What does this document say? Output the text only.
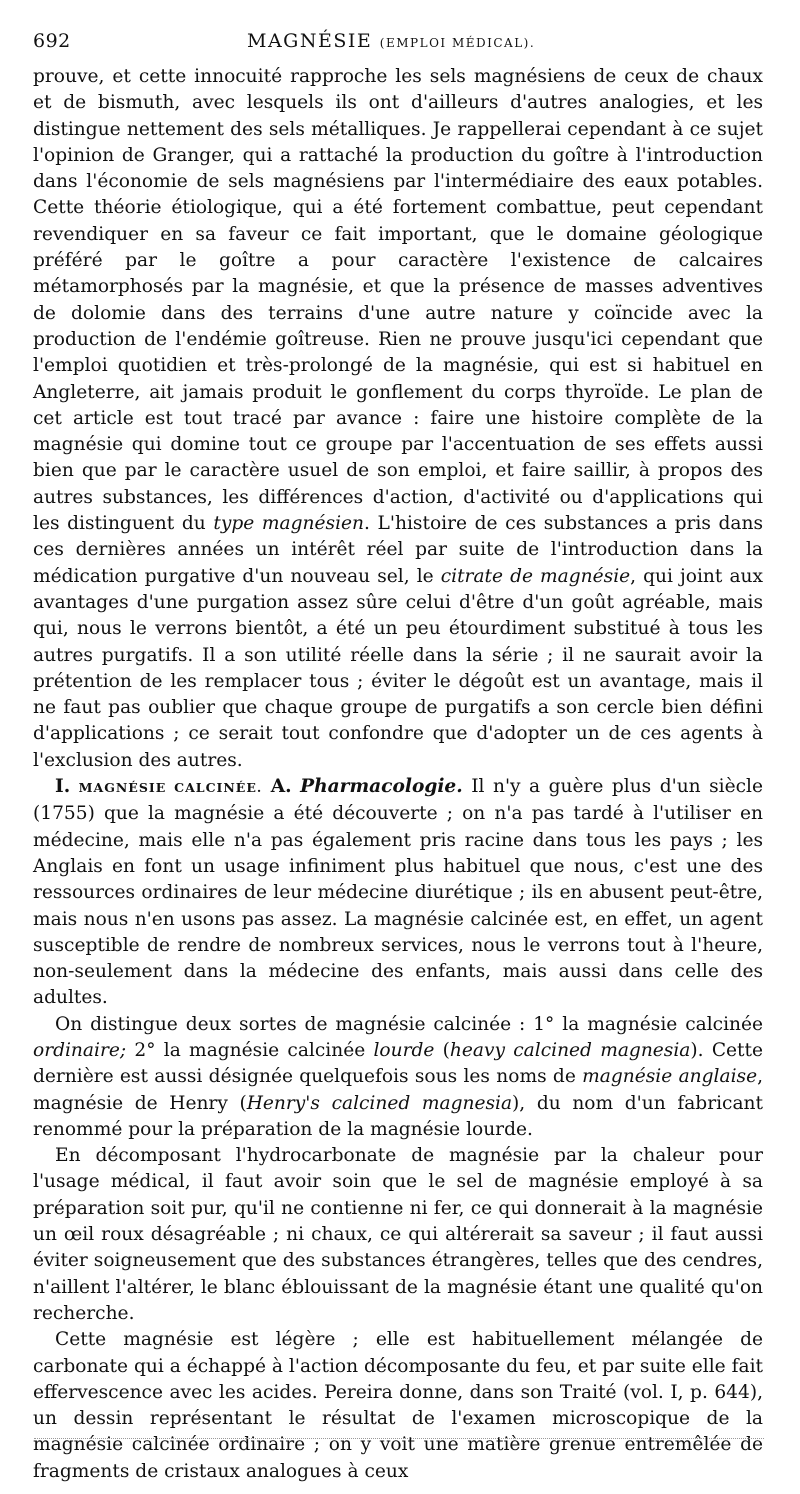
692	MAGNÉSIE (EMPLOI MÉDICAL).

prouve, et cette innocuité rapproche les sels magnésiens de ceux de chaux et de bismuth, avec lesquels ils ont d'ailleurs d'autres analogies, et les distingue nettement des sels métalliques. Je rappellerai cependant à ce sujet l'opinion de Granger, qui a rattaché la production du goître à l'introduction dans l'économie de sels magnésiens par l'intermédiaire des eaux potables. Cette théorie étiologique, qui a été fortement combattue, peut cependant revendiquer en sa faveur ce fait important, que le domaine géologique préféré par le goître a pour caractère l'existence de calcaires métamorphosés par la magnésie, et que la présence de masses adventives de dolomie dans des terrains d'une autre nature y coïncide avec la production de l'endémie goîtreuse. Rien ne prouve jusqu'ici cependant que l'emploi quotidien et très-prolongé de la magnésie, qui est si habituel en Angleterre, ait jamais produit le gonflement du corps thyroïde. Le plan de cet article est tout tracé par avance : faire une histoire complète de la magnésie qui domine tout ce groupe par l'accentuation de ses effets aussi bien que par le caractère usuel de son emploi, et faire saillir, à propos des autres substances, les différences d'action, d'activité ou d'applications qui les distinguent du type magnésien. L'histoire de ces substances a pris dans ces dernières années un intérêt réel par suite de l'introduction dans la médication purgative d'un nouveau sel, le citrate de magnésie, qui joint aux avantages d'une purgation assez sûre celui d'être d'un goût agréable, mais qui, nous le verrons bientôt, a été un peu étourdiment substitué à tous les autres purgatifs. Il a son utilité réelle dans la série ; il ne saurait avoir la prétention de les remplacer tous ; éviter le dégoût est un avantage, mais il ne faut pas oublier que chaque groupe de purgatifs a son cercle bien défini d'applications ; ce serait tout confondre que d'adopter un de ces agents à l'exclusion des autres.

I. MAGNÉSIE CALCINÉE. A. Pharmacologie. Il n'y a guère plus d'un siècle (1755) que la magnésie a été découverte ; on n'a pas tardé à l'utiliser en médecine, mais elle n'a pas également pris racine dans tous les pays ; les Anglais en font un usage infiniment plus habituel que nous, c'est une des ressources ordinaires de leur médecine diurétique ; ils en abusent peut-être, mais nous n'en usons pas assez. La magnésie calcinée est, en effet, un agent susceptible de rendre de nombreux services, nous le verrons tout à l'heure, non-seulement dans la médecine des enfants, mais aussi dans celle des adultes.

On distingue deux sortes de magnésie calcinée : 1° la magnésie calcinée ordinaire; 2° la magnésie calcinée lourde (heavy calcined magnesia). Cette dernière est aussi désignée quelquefois sous les noms de magnésie anglaise, magnésie de Henry (Henry's calcined magnesia), du nom d'un fabricant renommé pour la préparation de la magnésie lourde.

En décomposant l'hydrocarbonate de magnésie par la chaleur pour l'usage médical, il faut avoir soin que le sel de magnésie employé à sa préparation soit pur, qu'il ne contienne ni fer, ce qui donnerait à la magnésie un œil roux désagréable ; ni chaux, ce qui altérerait sa saveur ; il faut aussi éviter soigneusement que des substances étrangères, telles que des cendres, n'aillent l'altérer, le blanc éblouissant de la magnésie étant une qualité qu'on recherche.

Cette magnésie est légère ; elle est habituellement mélangée de carbonate qui a échappé à l'action décomposante du feu, et par suite elle fait effervescence avec les acides. Pereira donne, dans son Traité (vol. I, p. 644), un dessin représentant le résultat de l'examen microscopique de la magnésie calcinée ordinaire ; on y voit une matière grenue entremêlée de fragments de cristaux analogues à ceux
